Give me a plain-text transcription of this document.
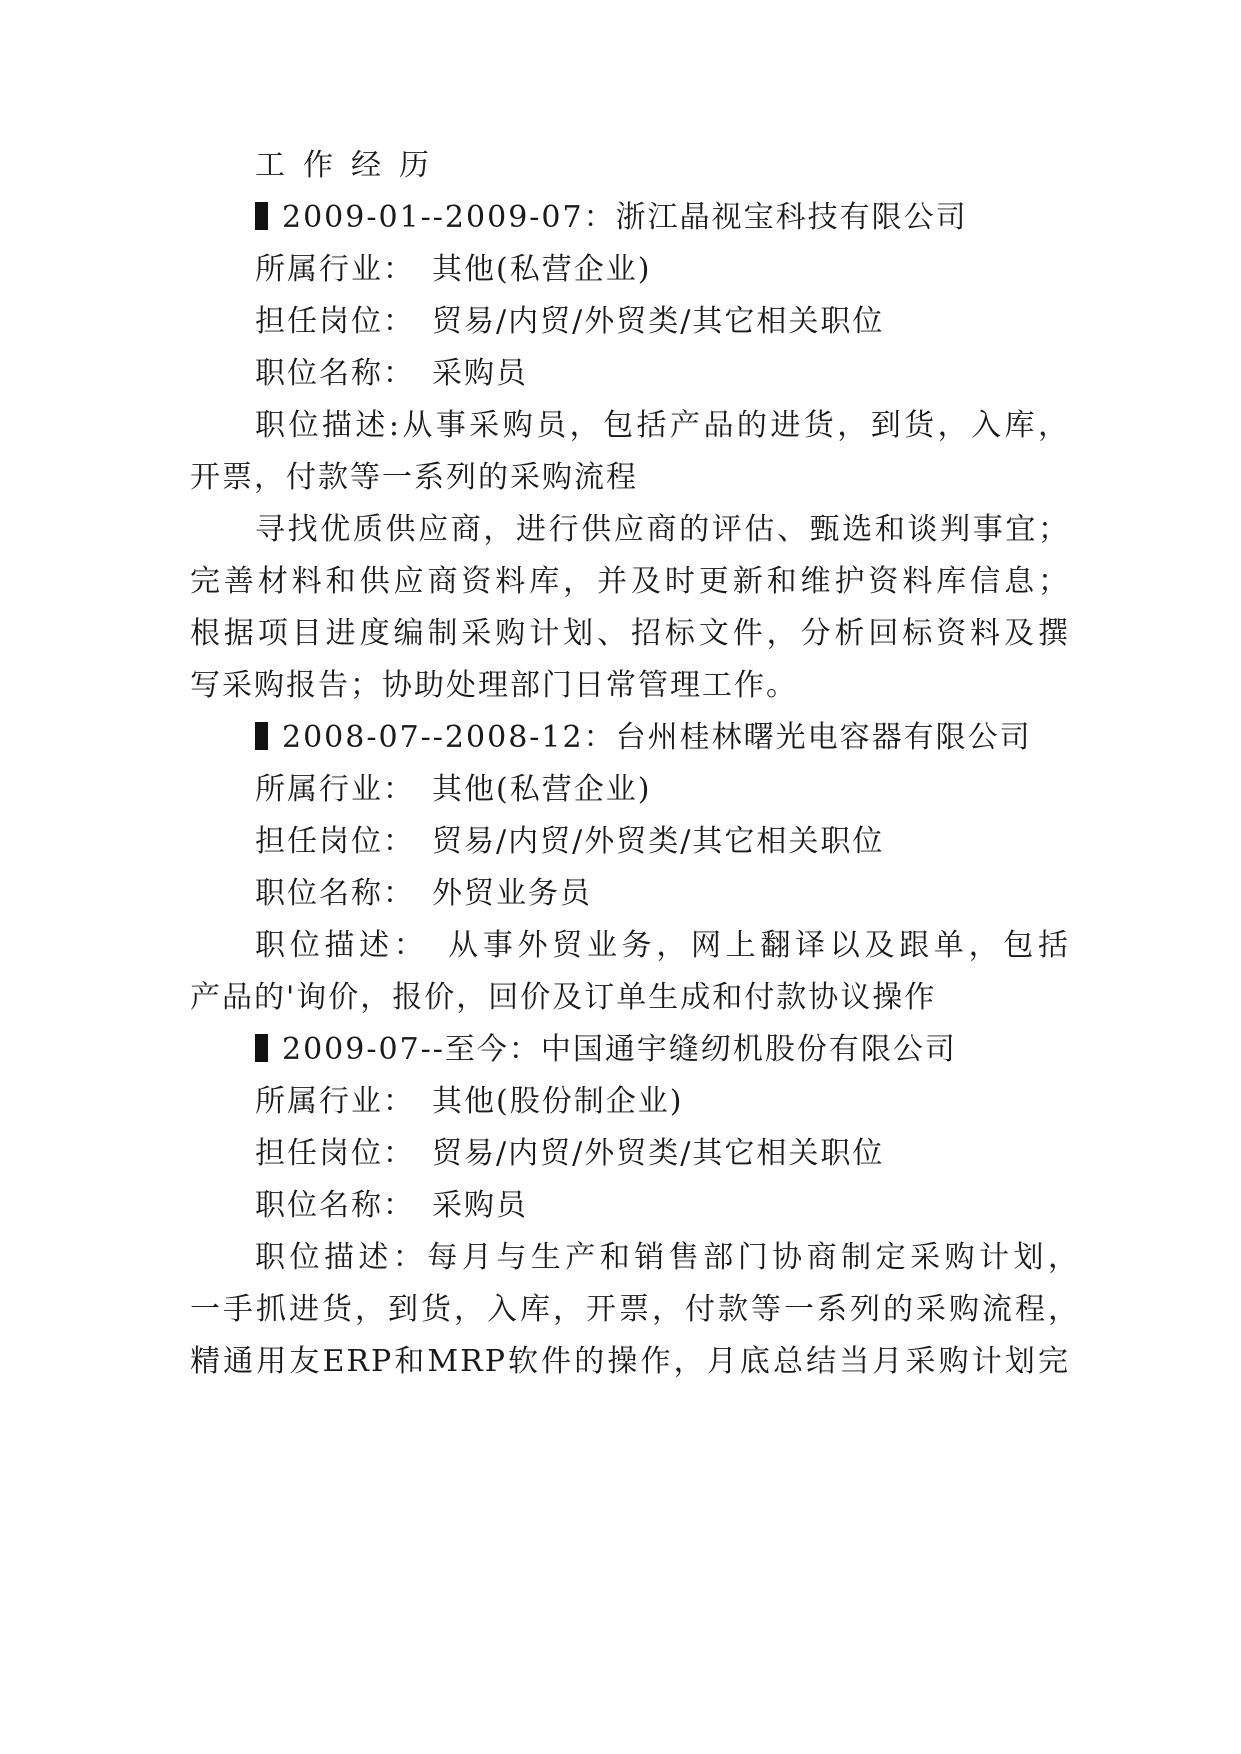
工作经历
2009-01--2009-07：浙江晶视宝科技有限公司
所属行业：　其他(私营企业)
担任岗位：　贸易/内贸/外贸类/其它相关职位
职位名称：　采购员
职位描述:从事采购员，包括产品的进货，到货，入库，
开票，付款等一系列的采购流程
寻找优质供应商，进行供应商的评估、甄选和谈判事宜；
完善材料和供应商资料库，并及时更新和维护资料库信息；
根据项目进度编制采购计划、招标文件，分析回标资料及撰
写采购报告；协助处理部门日常管理工作。
2008-07--2008-12：台州桂林曙光电容器有限公司
所属行业：　其他(私营企业)
担任岗位：　贸易/内贸/外贸类/其它相关职位
职位名称：　外贸业务员
职位描述：　从事外贸业务，网上翻译以及跟单，包括
产品的'询价，报价，回价及订单生成和付款协议操作
2009-07--至今：中国通宇缝纫机股份有限公司
所属行业：　其他(股份制企业)
担任岗位：　贸易/内贸/外贸类/其它相关职位
职位名称：　采购员
职位描述：每月与生产和销售部门协商制定采购计划，
一手抓进货，到货，入库，开票，付款等一系列的采购流程，
精通用友ERP和MRP软件的操作，月底总结当月采购计划完
